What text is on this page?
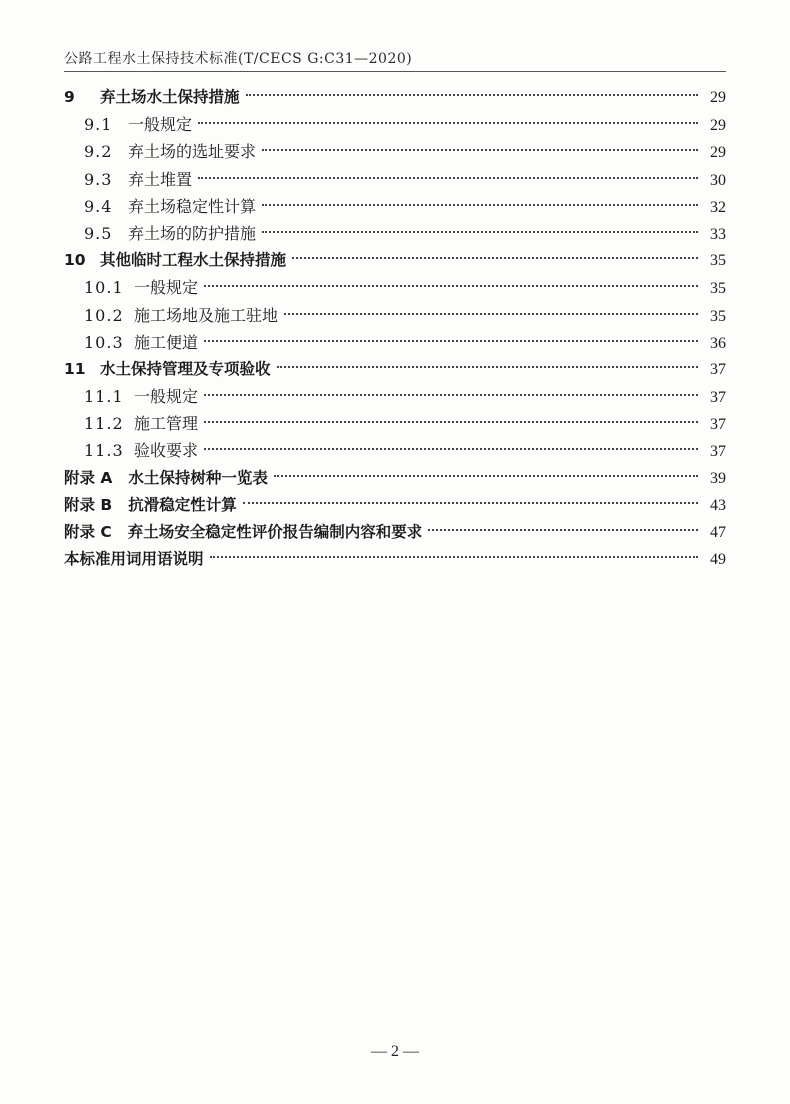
公路工程水土保持技术标准(T/CECS G:C31—2020)
9	弃土场水土保持措施	29
9.1 一般规定	29
9.2 弃土场的选址要求	29
9.3 弃土堆置	30
9.4 弃土场稳定性计算	32
9.5 弃土场的防护措施	33
10 其他临时工程水土保持措施	35
10.1 一般规定	35
10.2 施工场地及施工驻地	35
10.3 施工便道	36
11 水土保持管理及专项验收	37
11.1 一般规定	37
11.2 施工管理	37
11.3 验收要求	37
附录 A 水土保持树种一览表	39
附录 B 抗滑稳定性计算	43
附录 C 弃土场安全稳定性评价报告编制内容和要求	47
本标准用词用语说明	49
— 2 —
